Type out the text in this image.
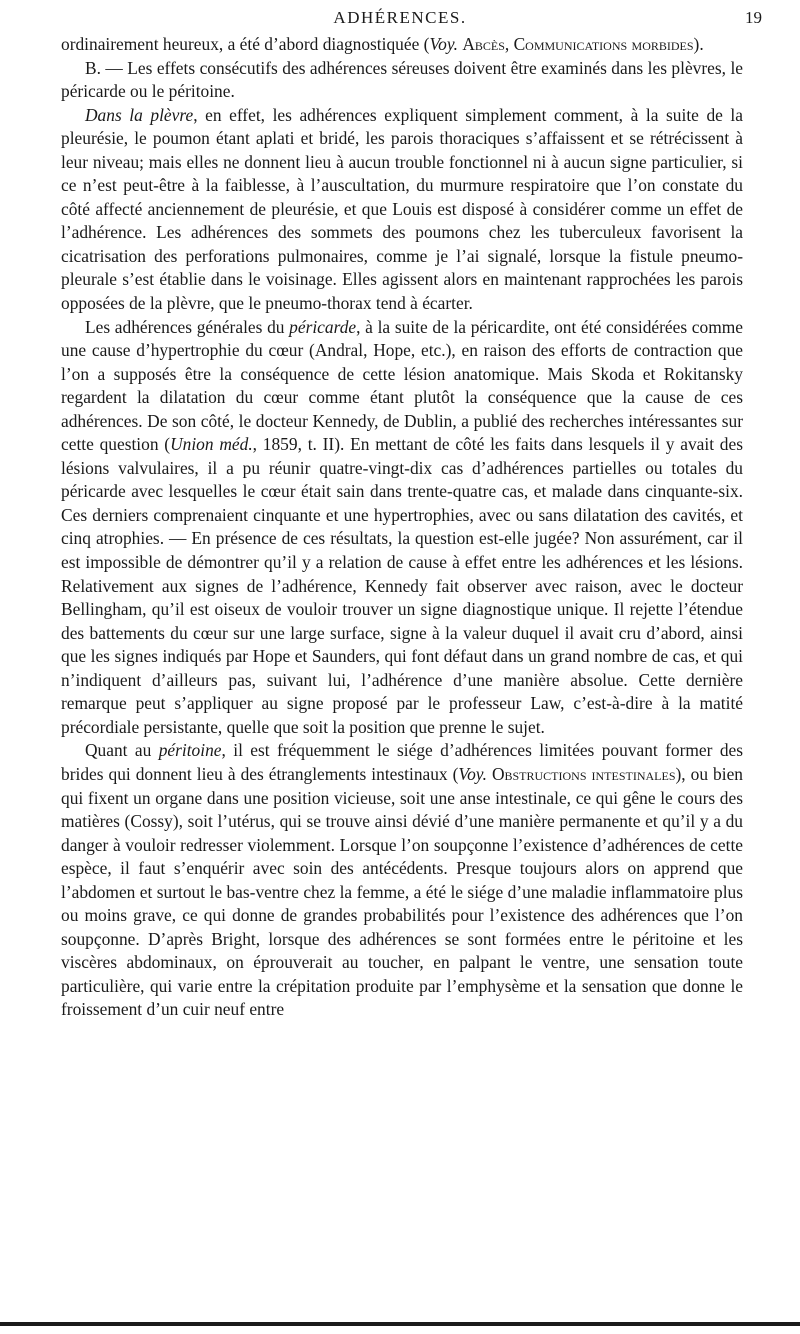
ADHÉRENCES.	19

ordinairement heureux, a été d’abord diagnostiquée (Voy. Abcès, Communications morbides).

B. — Les effets consécutifs des adhérences séreuses doivent être examinés dans les plèvres, le péricarde ou le péritoine.

Dans la plèvre, en effet, les adhérences expliquent simplement comment, à la suite de la pleurésie, le poumon étant aplati et bridé, les parois thoraciques s’affaissent et se rétrécissent à leur niveau; mais elles ne donnent lieu à aucun trouble fonctionnel ni à aucun signe particulier, si ce n’est peut-être à la faiblesse, à l’auscultation, du murmure respiratoire que l’on constate du côté affecté anciennement de pleurésie, et que Louis est disposé à considérer comme un effet de l’adhérence. Les adhérences des sommets des poumons chez les tuberculeux favorisent la cicatrisation des perforations pulmonaires, comme je l’ai signalé, lorsque la fistule pneumo-pleurale s’est établie dans le voisinage. Elles agissent alors en maintenant rapprochées les parois opposées de la plèvre, que le pneumo-thorax tend à écarter.

Les adhérences générales du péricarde, à la suite de la péricardite, ont été considérées comme une cause d’hypertrophie du cœur (Andral, Hope, etc.), en raison des efforts de contraction que l’on a supposés être la conséquence de cette lésion anatomique. Mais Skoda et Rokitansky regardent la dilatation du cœur comme étant plutôt la conséquence que la cause de ces adhérences. De son côté, le docteur Kennedy, de Dublin, a publié des recherches intéressantes sur cette question (Union méd., 1859, t. II). En mettant de côté les faits dans lesquels il y avait des lésions valvulaires, il a pu réunir quatre-vingt-dix cas d’adhérences partielles ou totales du péricarde avec lesquelles le cœur était sain dans trente-quatre cas, et malade dans cinquante-six. Ces derniers comprenaient cinquante et une hypertrophies, avec ou sans dilatation des cavités, et cinq atrophies. — En présence de ces résultats, la question est-elle jugée? Non assurément, car il est impossible de démontrer qu’il y a relation de cause à effet entre les adhérences et les lésions. Relativement aux signes de l’adhérence, Kennedy fait observer avec raison, avec le docteur Bellingham, qu’il est oiseux de vouloir trouver un signe diagnostique unique. Il rejette l’étendue des battements du cœur sur une large surface, signe à la valeur duquel il avait cru d’abord, ainsi que les signes indiqués par Hope et Saunders, qui font défaut dans un grand nombre de cas, et qui n’indiquent d’ailleurs pas, suivant lui, l’adhérence d’une manière absolue. Cette dernière remarque peut s’appliquer au signe proposé par le professeur Law, c’est-à-dire à la matité précordiale persistante, quelle que soit la position que prenne le sujet.

Quant au péritoine, il est fréquemment le siége d’adhérences limitées pouvant former des brides qui donnent lieu à des étranglements intestinaux (Voy. Obstructions intestinales), ou bien qui fixent un organe dans une position vicieuse, soit une anse intestinale, ce qui gêne le cours des matières (Cossy), soit l’utérus, qui se trouve ainsi dévié d’une manière permanente et qu’il y a du danger à vouloir redresser violemment. Lorsque l’on soupçonne l’existence d’adhérences de cette espèce, il faut s’enquérir avec soin des antécédents. Presque toujours alors on apprend que l’abdomen et surtout le bas-ventre chez la femme, a été le siége d’une maladie inflammatoire plus ou moins grave, ce qui donne de grandes probabilités pour l’existence des adhérences que l’on soupçonne. D’après Bright, lorsque des adhérences se sont formées entre le péritoine et les viscères abdominaux, on éprouverait au toucher, en palpant le ventre, une sensation toute particulière, qui varie entre la crépitation produite par l’emphysème et la sensation que donne le froissement d’un cuir neuf entre
